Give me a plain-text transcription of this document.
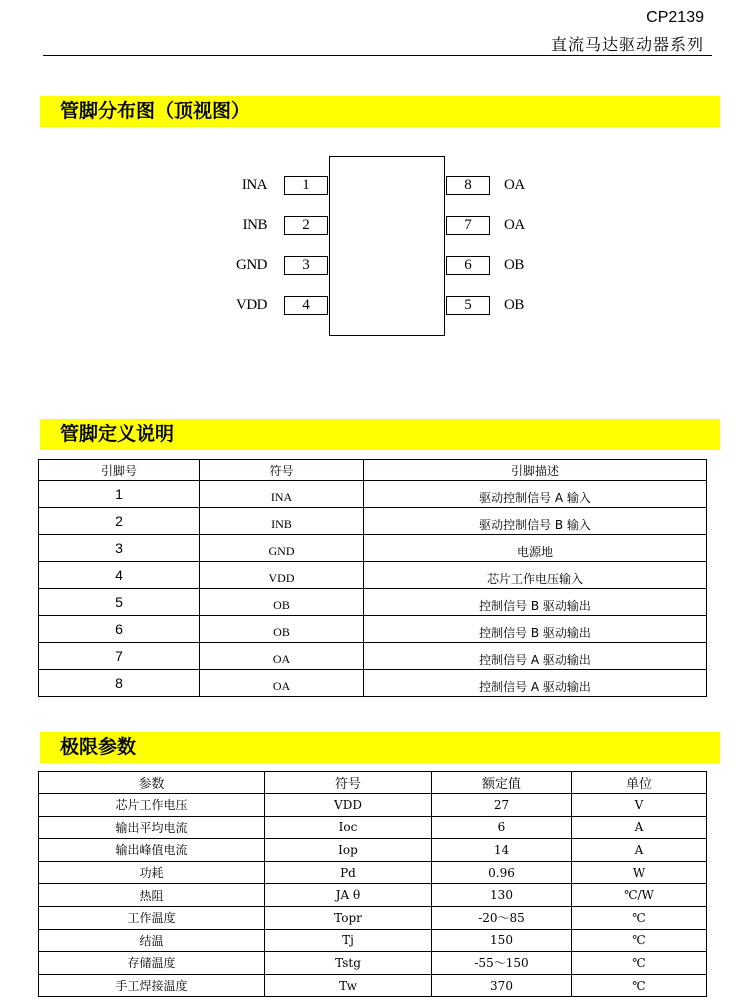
CP2139
直流马达驱动器系列
管脚分布图（顶视图）
INA	1
INB	2
GND	3
VDD	4
8	OA
7	OA
6	OB
5	OB
管脚定义说明
引脚号	符号	引脚描述
1	INA	驱动控制信号 A 输入
2	INB	驱动控制信号 B 输入
3	GND	电源地
4	VDD	芯片工作电压输入
5	OB	控制信号 B 驱动输出
6	OB	控制信号 B 驱动输出
7	OA	控制信号 A 驱动输出
8	OA	控制信号 A 驱动输出
极限参数
参数	符号	额定值	单位
芯片工作电压	VDD	27	V
输出平均电流	Ioc	6	A
输出峰值电流	Iop	14	A
功耗	Pd	0.96	W
热阻	JA θ	130	℃/W
工作温度	Topr	-20～85	℃
结温	Tj	150	℃
存储温度	Tstg	-55～150	℃
手工焊接温度	Tw	370	℃
